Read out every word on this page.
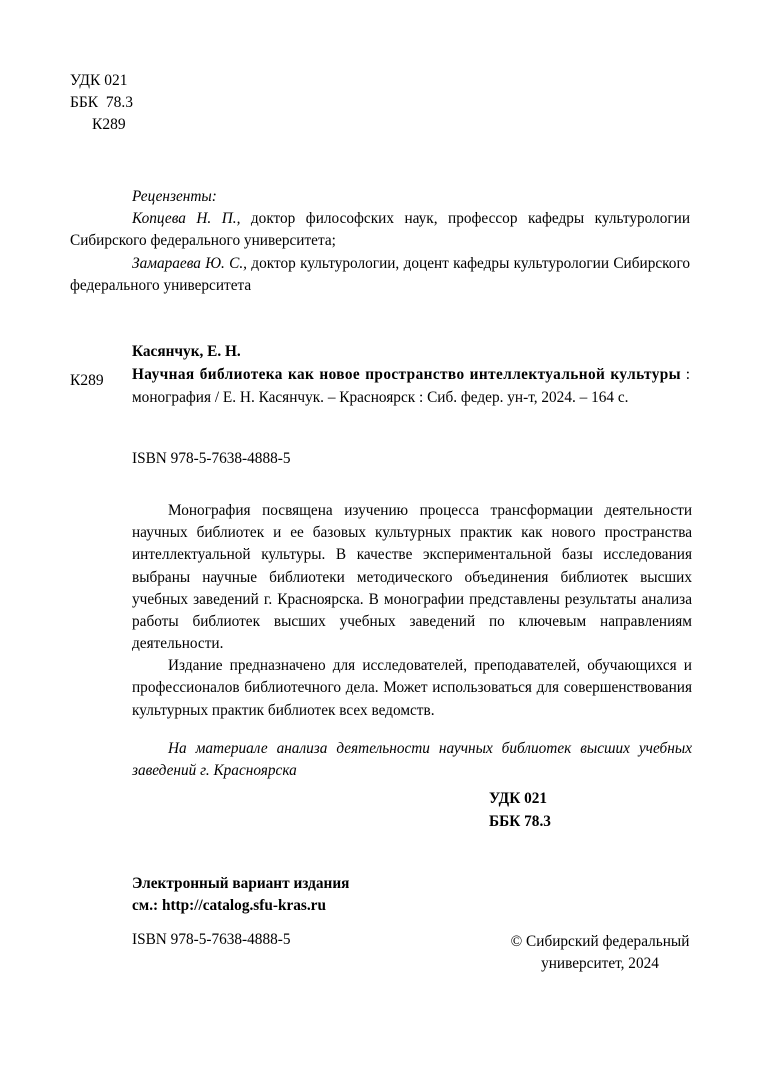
УДК 021
ББК  78.3
К289

Рецензенты:

Копцева Н. П., доктор философских наук, профессор кафедры культурологии Сибирского федерального университета;

Замараева Ю. С., доктор культурологии, доцент кафедры культурологии Сибирского федерального университета

К289
Касянчук, Е. Н.
Научная библиотека как новое пространство интеллектуальной культуры : монография / Е. Н. Касянчук. – Красноярск : Сиб. федер. ун-т, 2024. – 164 с.
ISBN 978-5-7638-4888-5

Монография посвящена изучению процесса трансформации деятельности научных библиотек и ее базовых культурных практик как нового пространства интеллектуальной культуры. В качестве экспериментальной базы исследования выбраны научные библиотеки методического объединения библиотек высших учебных заведений г. Красноярска. В монографии представлены результаты анализа работы библиотек высших учебных заведений по ключевым направлениям деятельности.

Издание предназначено для исследователей, преподавателей, обучающихся и профессионалов библиотечного дела. Может использоваться для совершенствования культурных практик библиотек всех ведомств.

На материале анализа деятельности научных библиотек высших учебных заведений г. Красноярска

УДК 021
ББК 78.3
Электронный вариант издания
см.: http://catalog.sfu-kras.ru
ISBN 978-5-7638-4888-5	© Сибирский федеральный
университет, 2024
